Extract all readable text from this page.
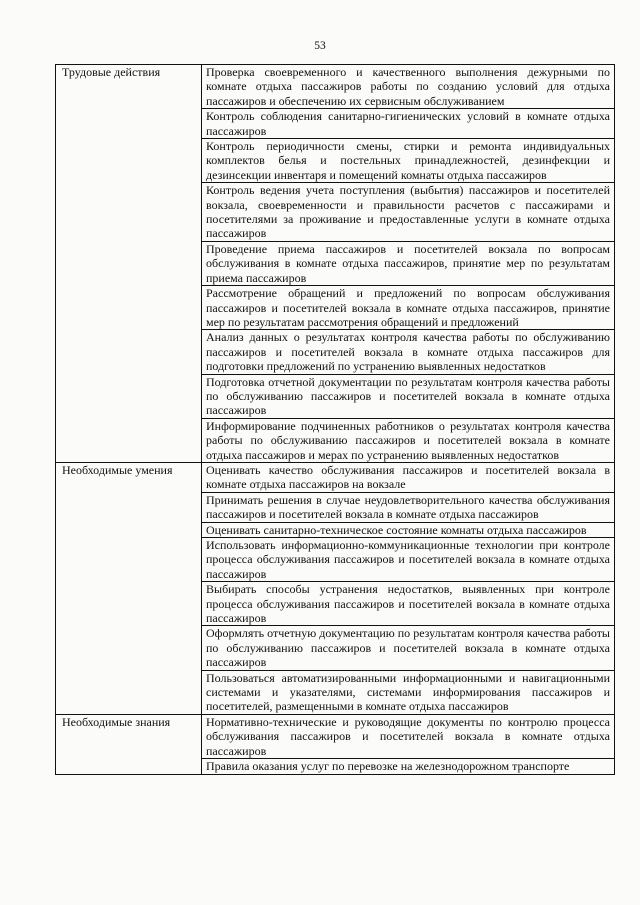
53
Трудовые действия	Проверка своевременного и качественного выполнения дежурными по комнате отдыха пассажиров работы по созданию условий для отдыха пассажиров и обеспечению их сервисным обслуживанием
	Контроль соблюдения санитарно-гигиенических условий в комнате отдыха пассажиров
	Контроль периодичности смены, стирки и ремонта индивидуальных комплектов белья и постельных принадлежностей, дезинфекции и дезинсекции инвентаря и помещений комнаты отдыха пассажиров
	Контроль ведения учета поступления (выбытия) пассажиров и посетителей вокзала, своевременности и правильности расчетов с пассажирами и посетителями за проживание и предоставленные услуги в комнате отдыха пассажиров
	Проведение приема пассажиров и посетителей вокзала по вопросам обслуживания в комнате отдыха пассажиров, принятие мер по результатам приема пассажиров
	Рассмотрение обращений и предложений по вопросам обслуживания пассажиров и посетителей вокзала в комнате отдыха пассажиров, принятие мер по результатам рассмотрения обращений и предложений
	Анализ данных о результатах контроля качества работы по обслуживанию пассажиров и посетителей вокзала в комнате отдыха пассажиров для подготовки предложений по устранению выявленных недостатков
	Подготовка отчетной документации по результатам контроля качества работы по обслуживанию пассажиров и посетителей вокзала в комнате отдыха пассажиров
	Информирование подчиненных работников о результатах контроля качества работы по обслуживанию пассажиров и посетителей вокзала в комнате отдыха пассажиров и мерах по устранению выявленных недостатков
Необходимые умения	Оценивать качество обслуживания пассажиров и посетителей вокзала в комнате отдыха пассажиров на вокзале
	Принимать решения в случае неудовлетворительного качества обслуживания пассажиров и посетителей вокзала в комнате отдыха пассажиров
	Оценивать санитарно-техническое состояние комнаты отдыха пассажиров
	Использовать информационно-коммуникационные технологии при контроле процесса обслуживания пассажиров и посетителей вокзала в комнате отдыха пассажиров
	Выбирать способы устранения недостатков, выявленных при контроле процесса обслуживания пассажиров и посетителей вокзала в комнате отдыха пассажиров
	Оформлять отчетную документацию по результатам контроля качества работы по обслуживанию пассажиров и посетителей вокзала в комнате отдыха пассажиров
	Пользоваться автоматизированными информационными и навигационными системами и указателями, системами информирования пассажиров и посетителей, размещенными в комнате отдыха пассажиров
Необходимые знания	Нормативно-технические и руководящие документы по контролю процесса обслуживания пассажиров и посетителей вокзала в комнате отдыха пассажиров
	Правила оказания услуг по перевозке на железнодорожном транспорте
